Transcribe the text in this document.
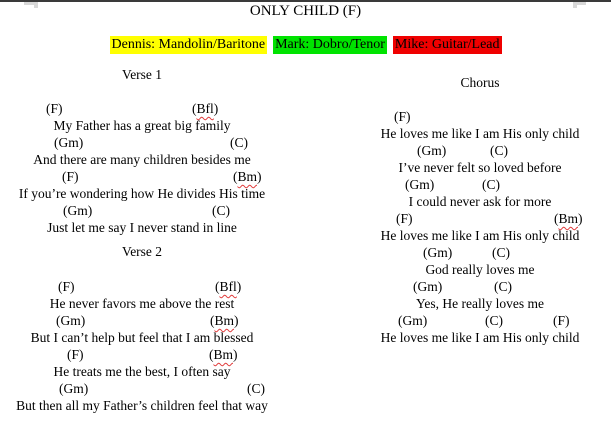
ONLY CHILD (F)
Dennis: Mandolin/Baritone Mark: Dobro/Tenor Mike: Guitar/Lead
Verse 1
(F)	(Bfl)
My Father has a great big family
(Gm)	(C)
And there are many children besides me
(F)	(Bm)
If you’re wondering how He divides His time
(Gm)	(C)
Just let me say I never stand in line
Verse 2
(F)	(Bfl)
He never favors me above the rest
(Gm)	(Bm)
But I can’t help but feel that I am blessed
(F)	(Bm)
He treats me the best, I often say
(Gm)	(C)
But then all my Father’s children feel that way
Chorus
(F)
He loves me like I am His only child
(Gm)	(C)
I’ve never felt so loved before
(Gm)	(C)
I could never ask for more
(F)	(Bm)
He loves me like I am His only child
(Gm)	(C)
God really loves me
(Gm)	(C)
Yes, He really loves me
(Gm)	(C)	(F)
He loves me like I am His only child
